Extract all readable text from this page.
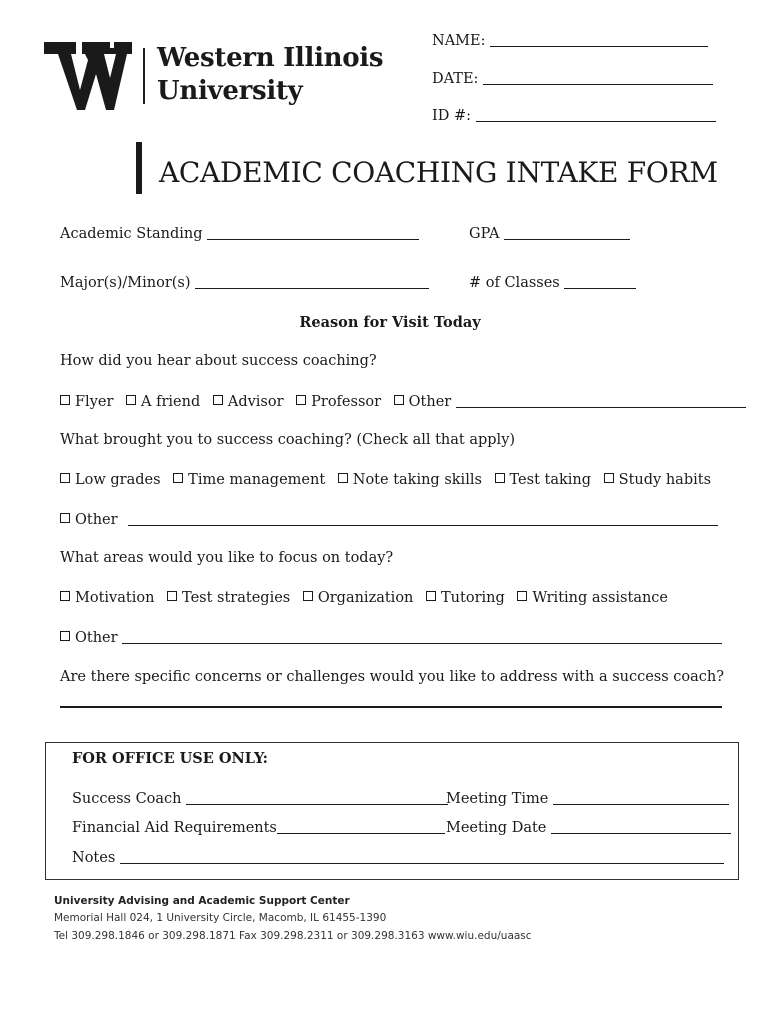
Western Illinois
University
NAME:
DATE:
ID #:
ACADEMIC COACHING INTAKE FORM
Academic Standing	GPA
Major(s)/Minor(s)	# of Classes
Reason for Visit Today
How did you hear about success coaching?
Flyer A friend Advisor Professor Other
What brought you to success coaching? (Check all that apply)
Low grades Time management Note taking skills Test taking Study habits
Other
What areas would you like to focus on today?
Motivation Test strategies Organization Tutoring Writing assistance
Other
Are there specific concerns or challenges would you like to address with a success coach?
FOR OFFICE USE ONLY:
Success Coach	Meeting Time
Financial Aid Requirements	Meeting Date
Notes
University Advising and Academic Support Center
Memorial Hall 024, 1 University Circle, Macomb, IL 61455-1390
Tel 309.298.1846 or 309.298.1871 Fax 309.298.2311 or 309.298.3163 www.wiu.edu/uaasc
